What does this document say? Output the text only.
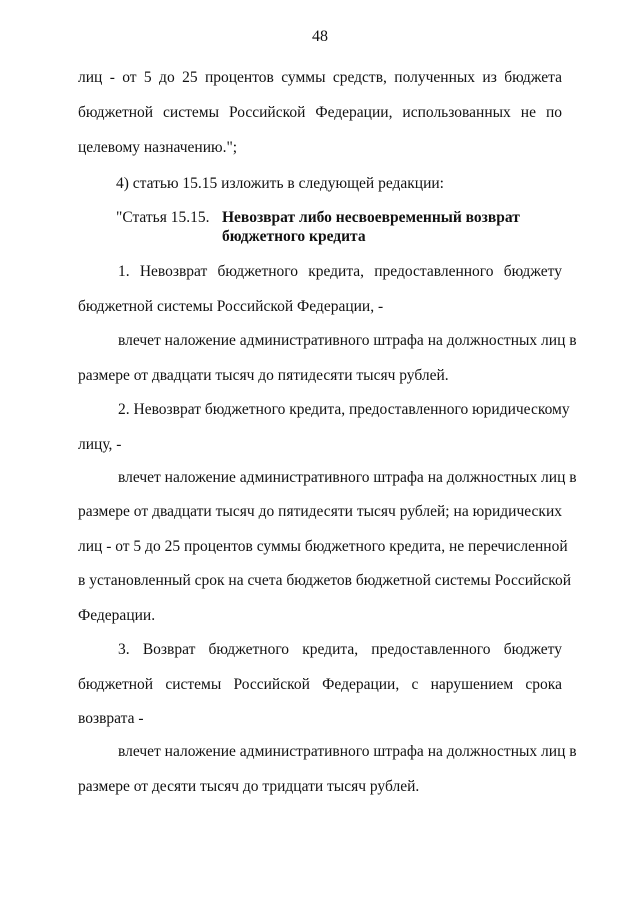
48
лиц - от 5 до 25 процентов суммы средств, полученных из бюджета
бюджетной системы Российской Федерации, использованных не по
целевому назначению.";
4) статью 15.15 изложить в следующей редакции:
"Статья 15.15. Невозврат либо несвоевременный возврат
бюджетного кредита
1. Невозврат бюджетного кредита, предоставленного бюджету
бюджетной системы Российской Федерации, -
влечет наложение административного штрафа на должностных лиц в
размере от двадцати тысяч до пятидесяти тысяч рублей.
2. Невозврат бюджетного кредита, предоставленного юридическому
лицу, -
влечет наложение административного штрафа на должностных лиц в
размере от двадцати тысяч до пятидесяти тысяч рублей; на юридических
лиц - от 5 до 25 процентов суммы бюджетного кредита, не перечисленной
в установленный срок на счета бюджетов бюджетной системы Российской
Федерации.
3. Возврат бюджетного кредита, предоставленного бюджету
бюджетной системы Российской Федерации, с нарушением срока
возврата -
влечет наложение административного штрафа на должностных лиц в
размере от десяти тысяч до тридцати тысяч рублей.
